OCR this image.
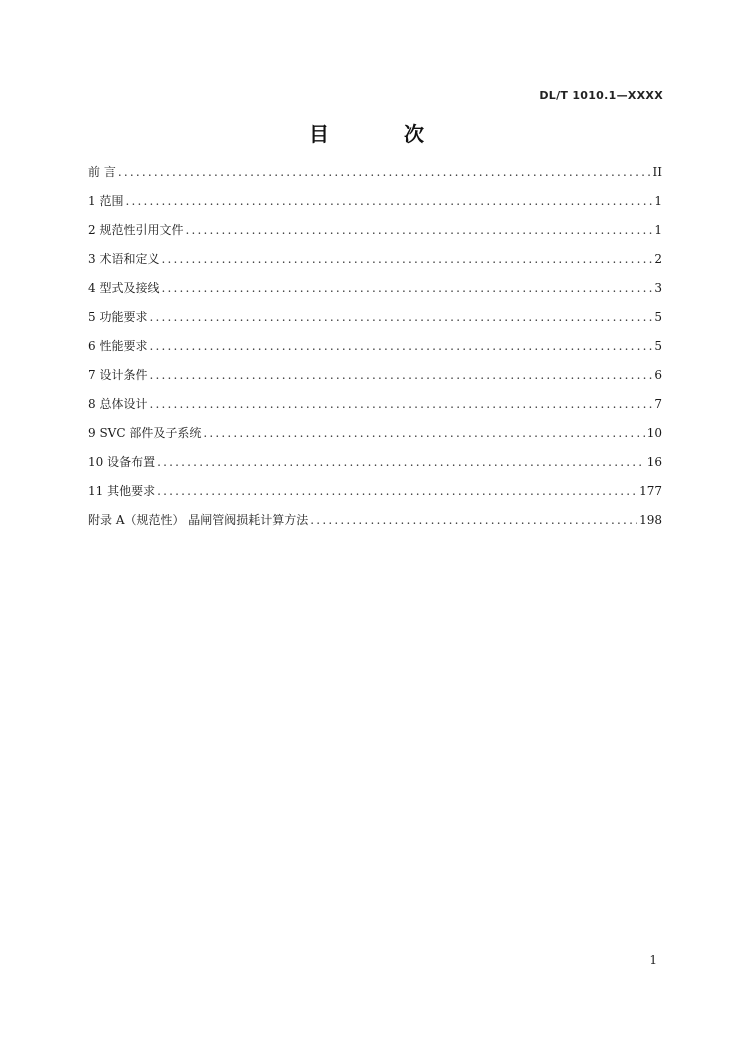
DL/T 1010.1—XXXX
目 次
前 言 .....	II
1 范围 .....	1
2 规范性引用文件 .....	1
3 术语和定义 .....	2
4 型式及接线 .....	3
5 功能要求 .....	5
6 性能要求 .....	5
7 设计条件 .....	6
8 总体设计 .....	7
9 SVC 部件及子系统 .....	10
10 设备布置 .....	16
11 其他要求 .....	177
附录 A（规范性） 晶闸管阀损耗计算方法 .....	198
1
